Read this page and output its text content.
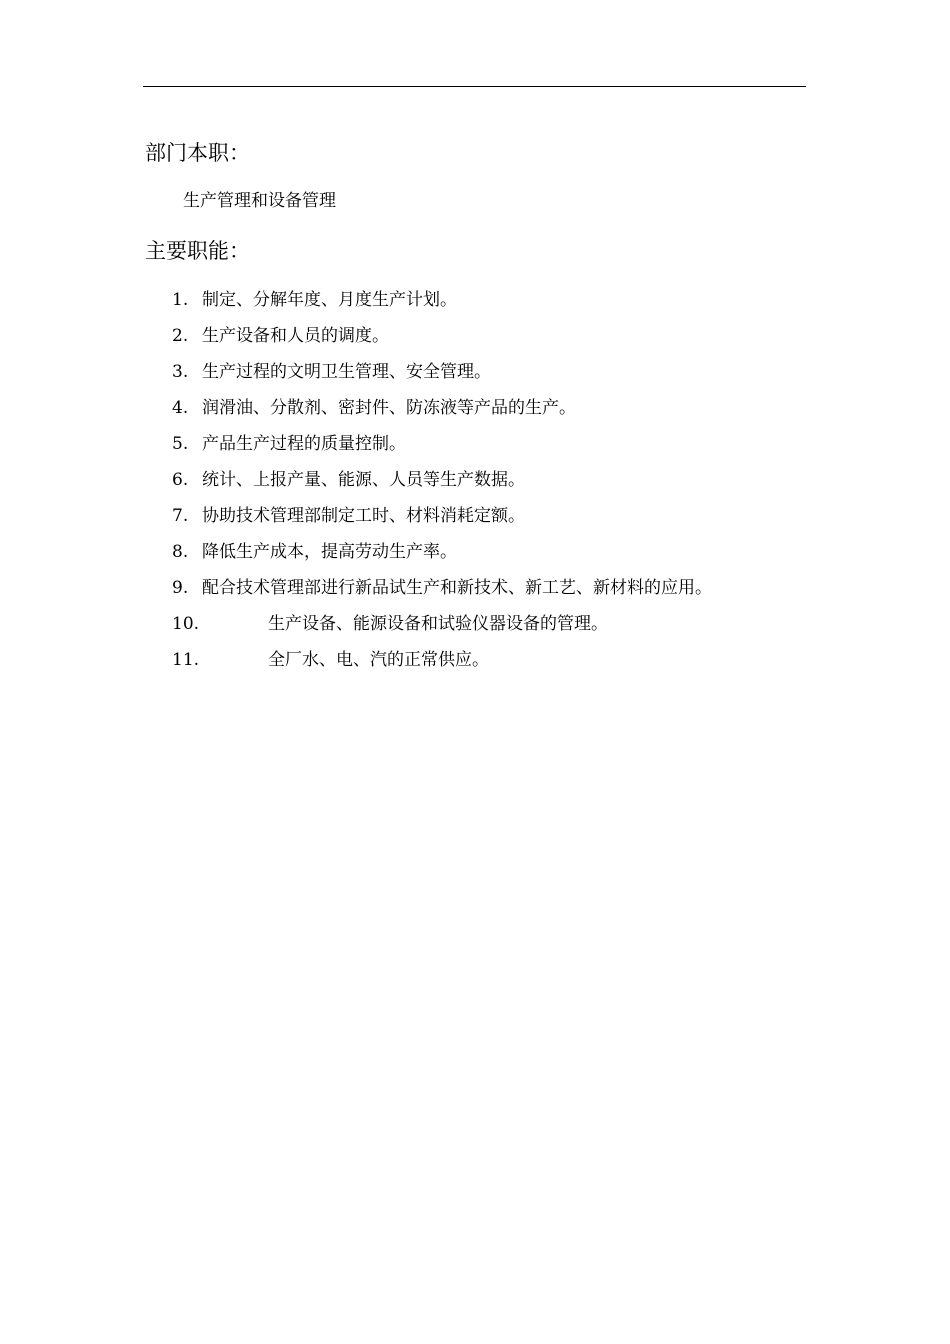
部门本职：
生产管理和设备管理
主要职能：
1. 制定、分解年度、月度生产计划。
2. 生产设备和人员的调度。
3. 生产过程的文明卫生管理、安全管理。
4. 润滑油、分散剂、密封件、防冻液等产品的生产。
5. 产品生产过程的质量控制。
6. 统计、上报产量、能源、人员等生产数据。
7. 协助技术管理部制定工时、材料消耗定额。
8. 降低生产成本，提高劳动生产率。
9. 配合技术管理部进行新品试生产和新技术、新工艺、新材料的应用。
10.	生产设备、能源设备和试验仪器设备的管理。
11.	全厂水、电、汽的正常供应。
